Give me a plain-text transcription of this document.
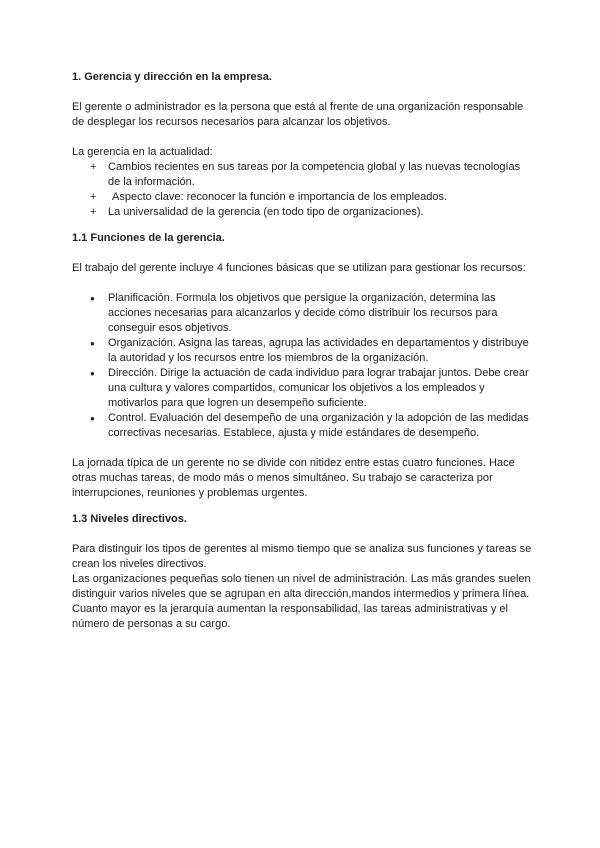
1. Gerencia y dirección en la empresa.

El gerente o administrador es la persona que está al frente de una organización responsable de desplegar los recursos necesarios para alcanzar los objetivos.

La gerencia en la actualidad:

+ Cambios recientes en sus tareas por la competencia global y las nuevas tecnologías de la información.
+ Aspecto clave: reconocer la función e importancia de los empleados.
+ La universalidad de la gerencia (en todo tipo de organizaciones).
1.1 Funciones de la gerencia.

El trabajo del gerente incluye 4 funciones básicas que se utilizan para gestionar los recursos:

● Planificación. Formula los objetivos que persigue la organización, determina las acciones necesarias para alcanzarlos y decide cómo distribuir los recursos para conseguir esos objetivos.
● Organización. Asigna las tareas, agrupa las actividades en departamentos y distribuye la autoridad y los recursos entre los miembros de la organización.
● Dirección. Dirige la actuación de cada individuo para lograr trabajar juntos. Debe crear una cultura y valores compartidos, comunicar los objetivos a los empleados y motivarlos para que logren un desempeño suficiente.
● Control. Evaluación del desempeño de una organización y la adopción de las medidas correctivas necesarias. Establece, ajusta y mide estándares de desempeño.

La jornada típica de un gerente no se divide con nitidez entre estas cuatro funciones. Hace otras muchas tareas, de modo más o menos simultáneo. Su trabajo se caracteriza por interrupciones, reuniones y problemas urgentes.

1.3 Niveles directivos.

Para distinguir los tipos de gerentes al mismo tiempo que se analiza sus funciones y tareas se crean los niveles directivos.

Las organizaciones pequeñas solo tienen un nivel de administración. Las más grandes suelen distinguir varios niveles que se agrupan en alta dirección,mandos intermedios y primera línea. Cuanto mayor es la jerarquía aumentan la responsabilidad, las tareas administrativas y el número de personas a su cargo.
